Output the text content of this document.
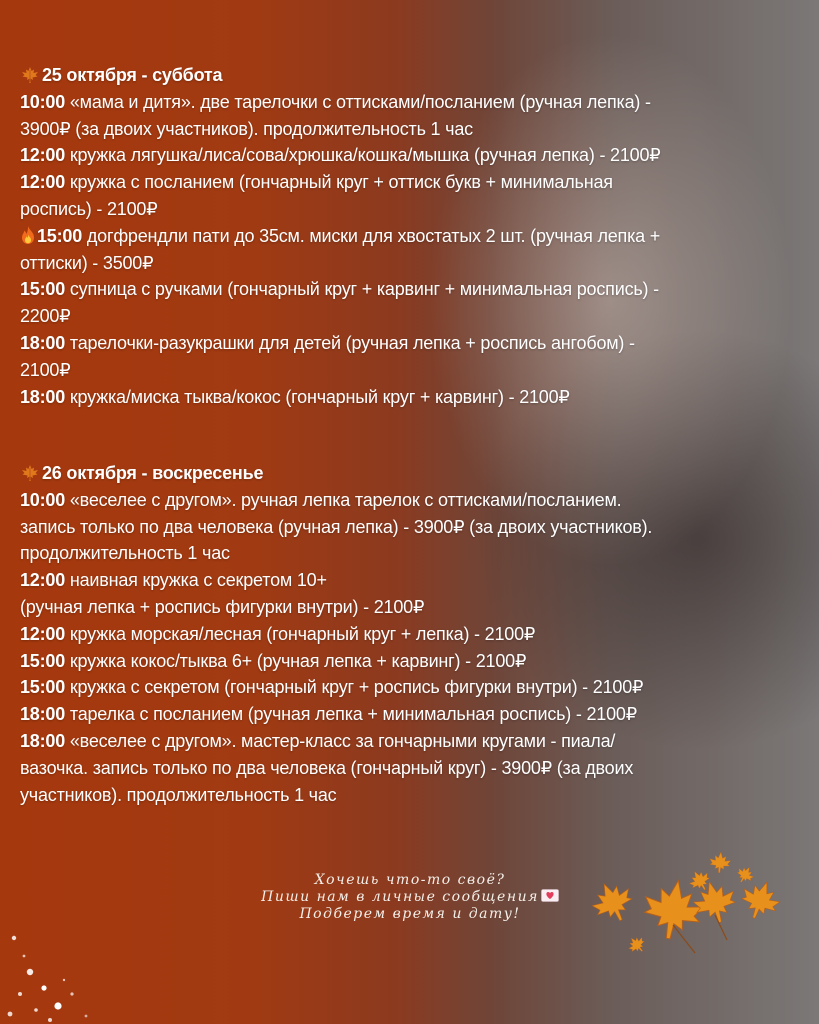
25 октября - суббота
10:00 «мама и дитя». две тарелочки с оттисками/посланием (ручная лепка) -
3900₽ (за двоих участников). продолжительность 1 час
12:00 кружка лягушка/лиса/сова/хрюшка/кошка/мышка (ручная лепка) - 2100₽
12:00 кружка с посланием (гончарный круг + оттиск букв + минимальная
роспись) - 2100₽
15:00 догфрендли пати до 35см. миски для хвостатых 2 шт. (ручная лепка +
оттиски) - 3500₽
15:00 супница с ручками (гончарный круг + карвинг + минимальная роспись) -
2200₽
18:00 тарелочки-разукрашки для детей (ручная лепка + роспись ангобом) -
2100₽
18:00 кружка/миска тыква/кокос (гончарный круг + карвинг) - 2100₽
26 октября - воскресенье
10:00 «веселее с другом». ручная лепка тарелок с оттисками/посланием.
запись только по два человека (ручная лепка) - 3900₽ (за двоих участников).
продолжительность 1 час
12:00 наивная кружка с секретом 10+
(ручная лепка + роспись фигурки внутри) - 2100₽
12:00 кружка морская/лесная (гончарный круг + лепка) - 2100₽
15:00 кружка кокос/тыква 6+ (ручная лепка + карвинг) - 2100₽
15:00 кружка с секретом (гончарный круг + роспись фигурки внутри) - 2100₽
18:00 тарелка с посланием (ручная лепка + минимальная роспись) - 2100₽
18:00 «веселее с другом». мастер-класс за гончарными кругами - пиала/
вазочка. запись только по два человека (гончарный круг) - 3900₽ (за двоих
участников). продолжительность 1 час
Хочешь что-то своё?
Пиши нам в личные сообщения
Подберем время и дату!
